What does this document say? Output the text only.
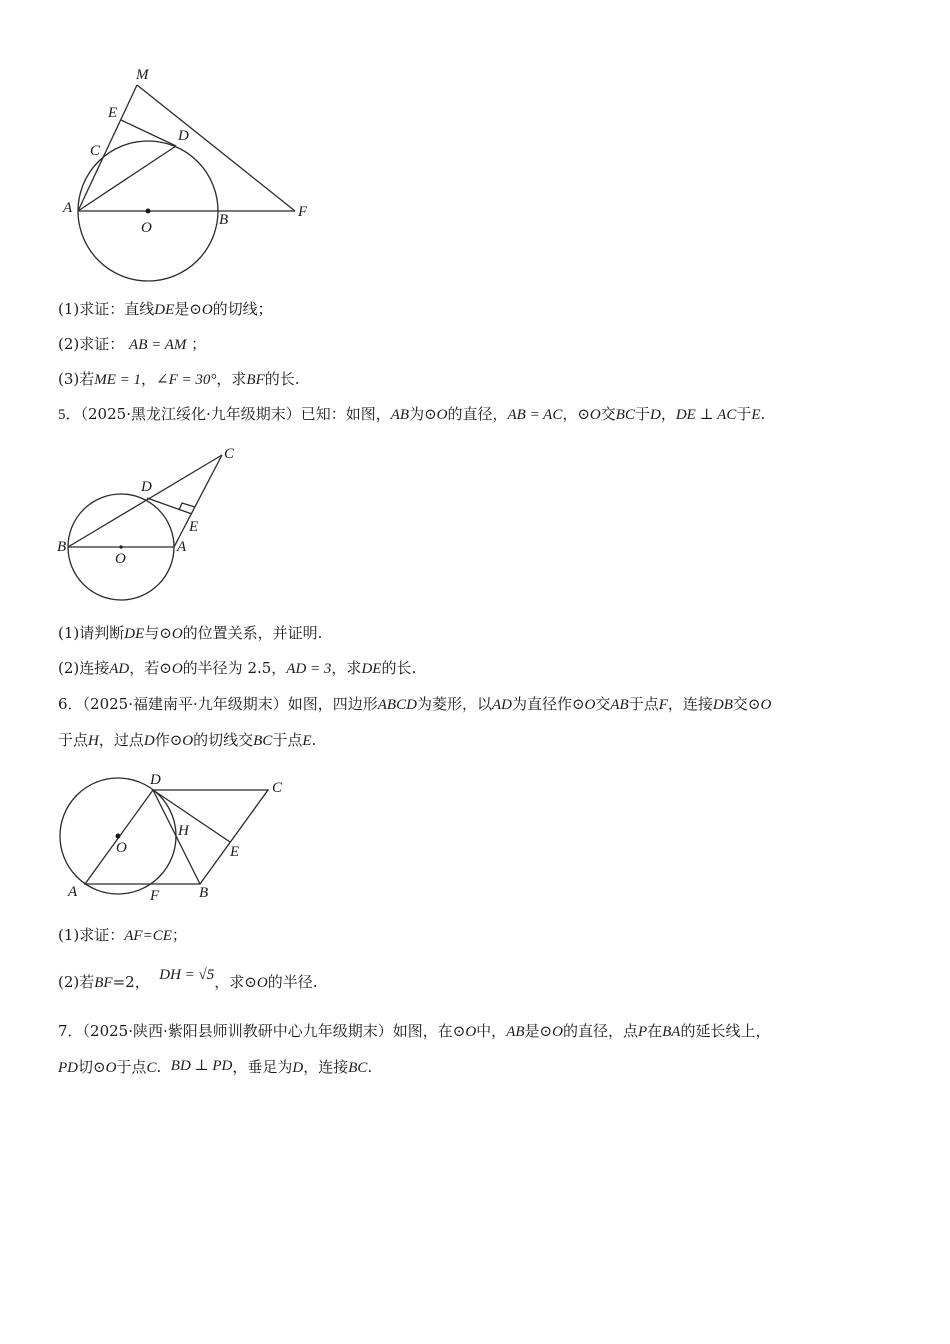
M
E
C
D
A
O	B	F
(1)求证：直线DE是⊙O的切线；
(2)求证： AB = AM ；
(3)若ME = 1，∠F = 30°，求BF的长.
5．（2025·黑龙江绥化·九年级期末）已知：如图，AB为⊙O的直径，AB = AC，⊙O交BC于D，DE ⊥ AC于E.
C
D
E
B	A
O
(1)请判断DE与⊙O的位置关系，并证明.
(2)连接AD，若⊙O的半径为 2.5，AD = 3，求DE的长.
6．（2025·福建南平·九年级期末）如图，四边形ABCD为菱形，以AD为直径作⊙O交AB于点F，连接DB交⊙O
于点H，过点D作⊙O的切线交BC于点E.
D	C
H
O	E
A	F	B
(1)求证：AF=CE；
(2)若BF=2， DH = √5，求⊙O的半径.
7．（2025·陕西·紫阳县师训教研中心九年级期末）如图，在⊙O中，AB是⊙O的直径，点P在BA的延长线上，
PD切⊙O于点C. BD ⊥ PD，垂足为D，连接BC.
